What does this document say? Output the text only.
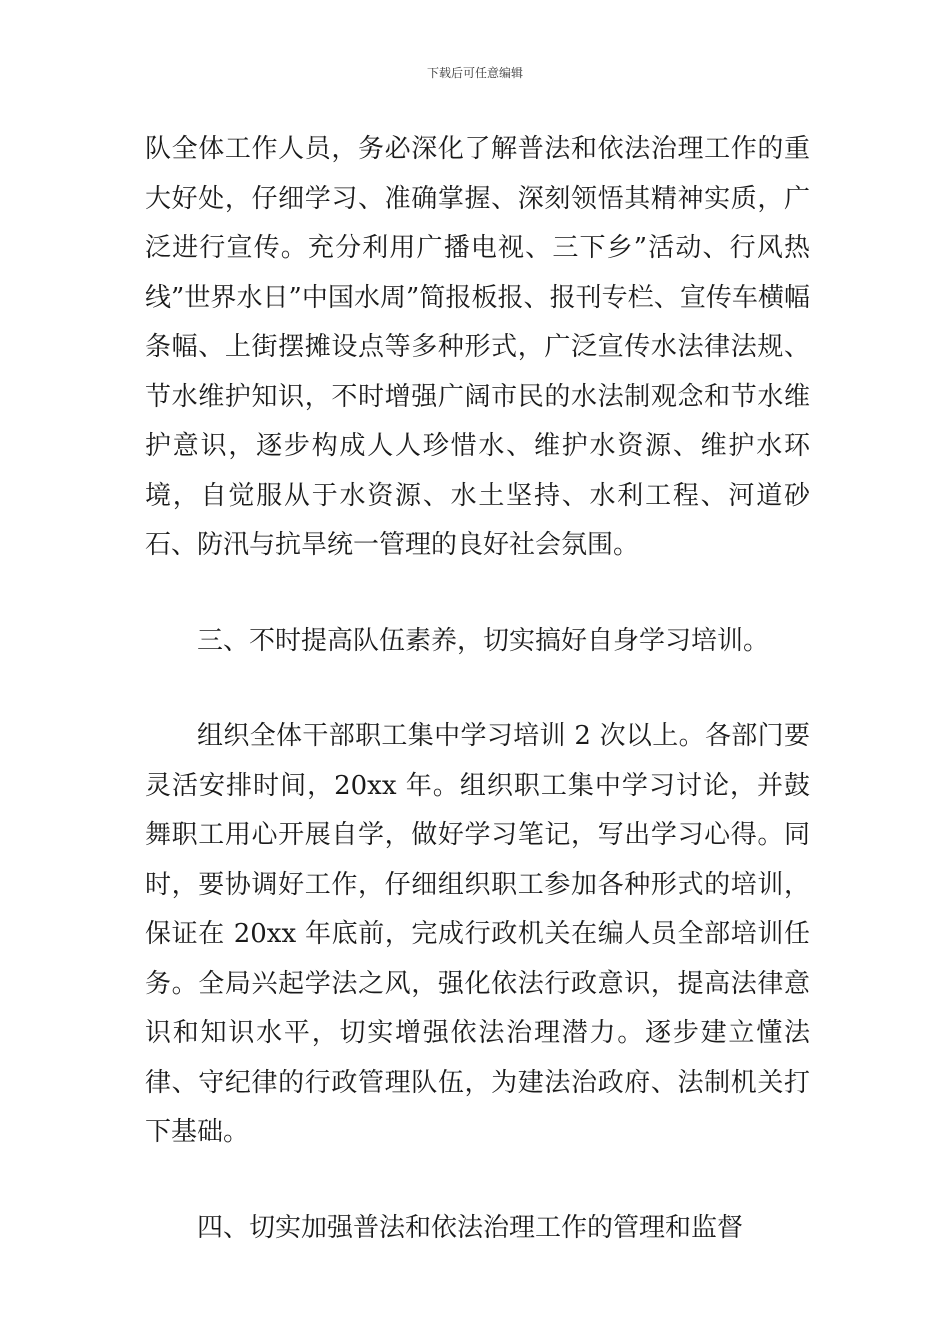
下载后可任意编辑

队全体工作人员，务必深化了解普法和依法治理工作的重大好处，仔细学习、准确掌握、深刻领悟其精神实质，广泛进行宣传。充分利用广播电视、三下乡”活动、行风热线”世界水日”中国水周”简报板报、报刊专栏、宣传车横幅条幅、上街摆摊设点等多种形式，广泛宣传水法律法规、节水维护知识，不时增强广阔市民的水法制观念和节水维护意识，逐步构成人人珍惜水、维护水资源、维护水环境，自觉服从于水资源、水土坚持、水利工程、河道砂石、防汛与抗旱统一管理的良好社会氛围。

三、不时提高队伍素养，切实搞好自身学习培训。

组织全体干部职工集中学习培训 2 次以上。各部门要灵活安排时间，20xx 年。组织职工集中学习讨论，并鼓舞职工用心开展自学，做好学习笔记，写出学习心得。同时，要协调好工作，仔细组织职工参加各种形式的培训，保证在 20xx 年底前，完成行政机关在编人员全部培训任务。全局兴起学法之风，强化依法行政意识，提高法律意识和知识水平，切实增强依法治理潜力。逐步建立懂法律、守纪律的行政管理队伍，为建法治政府、法制机关打下基础。

四、切实加强普法和依法治理工作的管理和监督
